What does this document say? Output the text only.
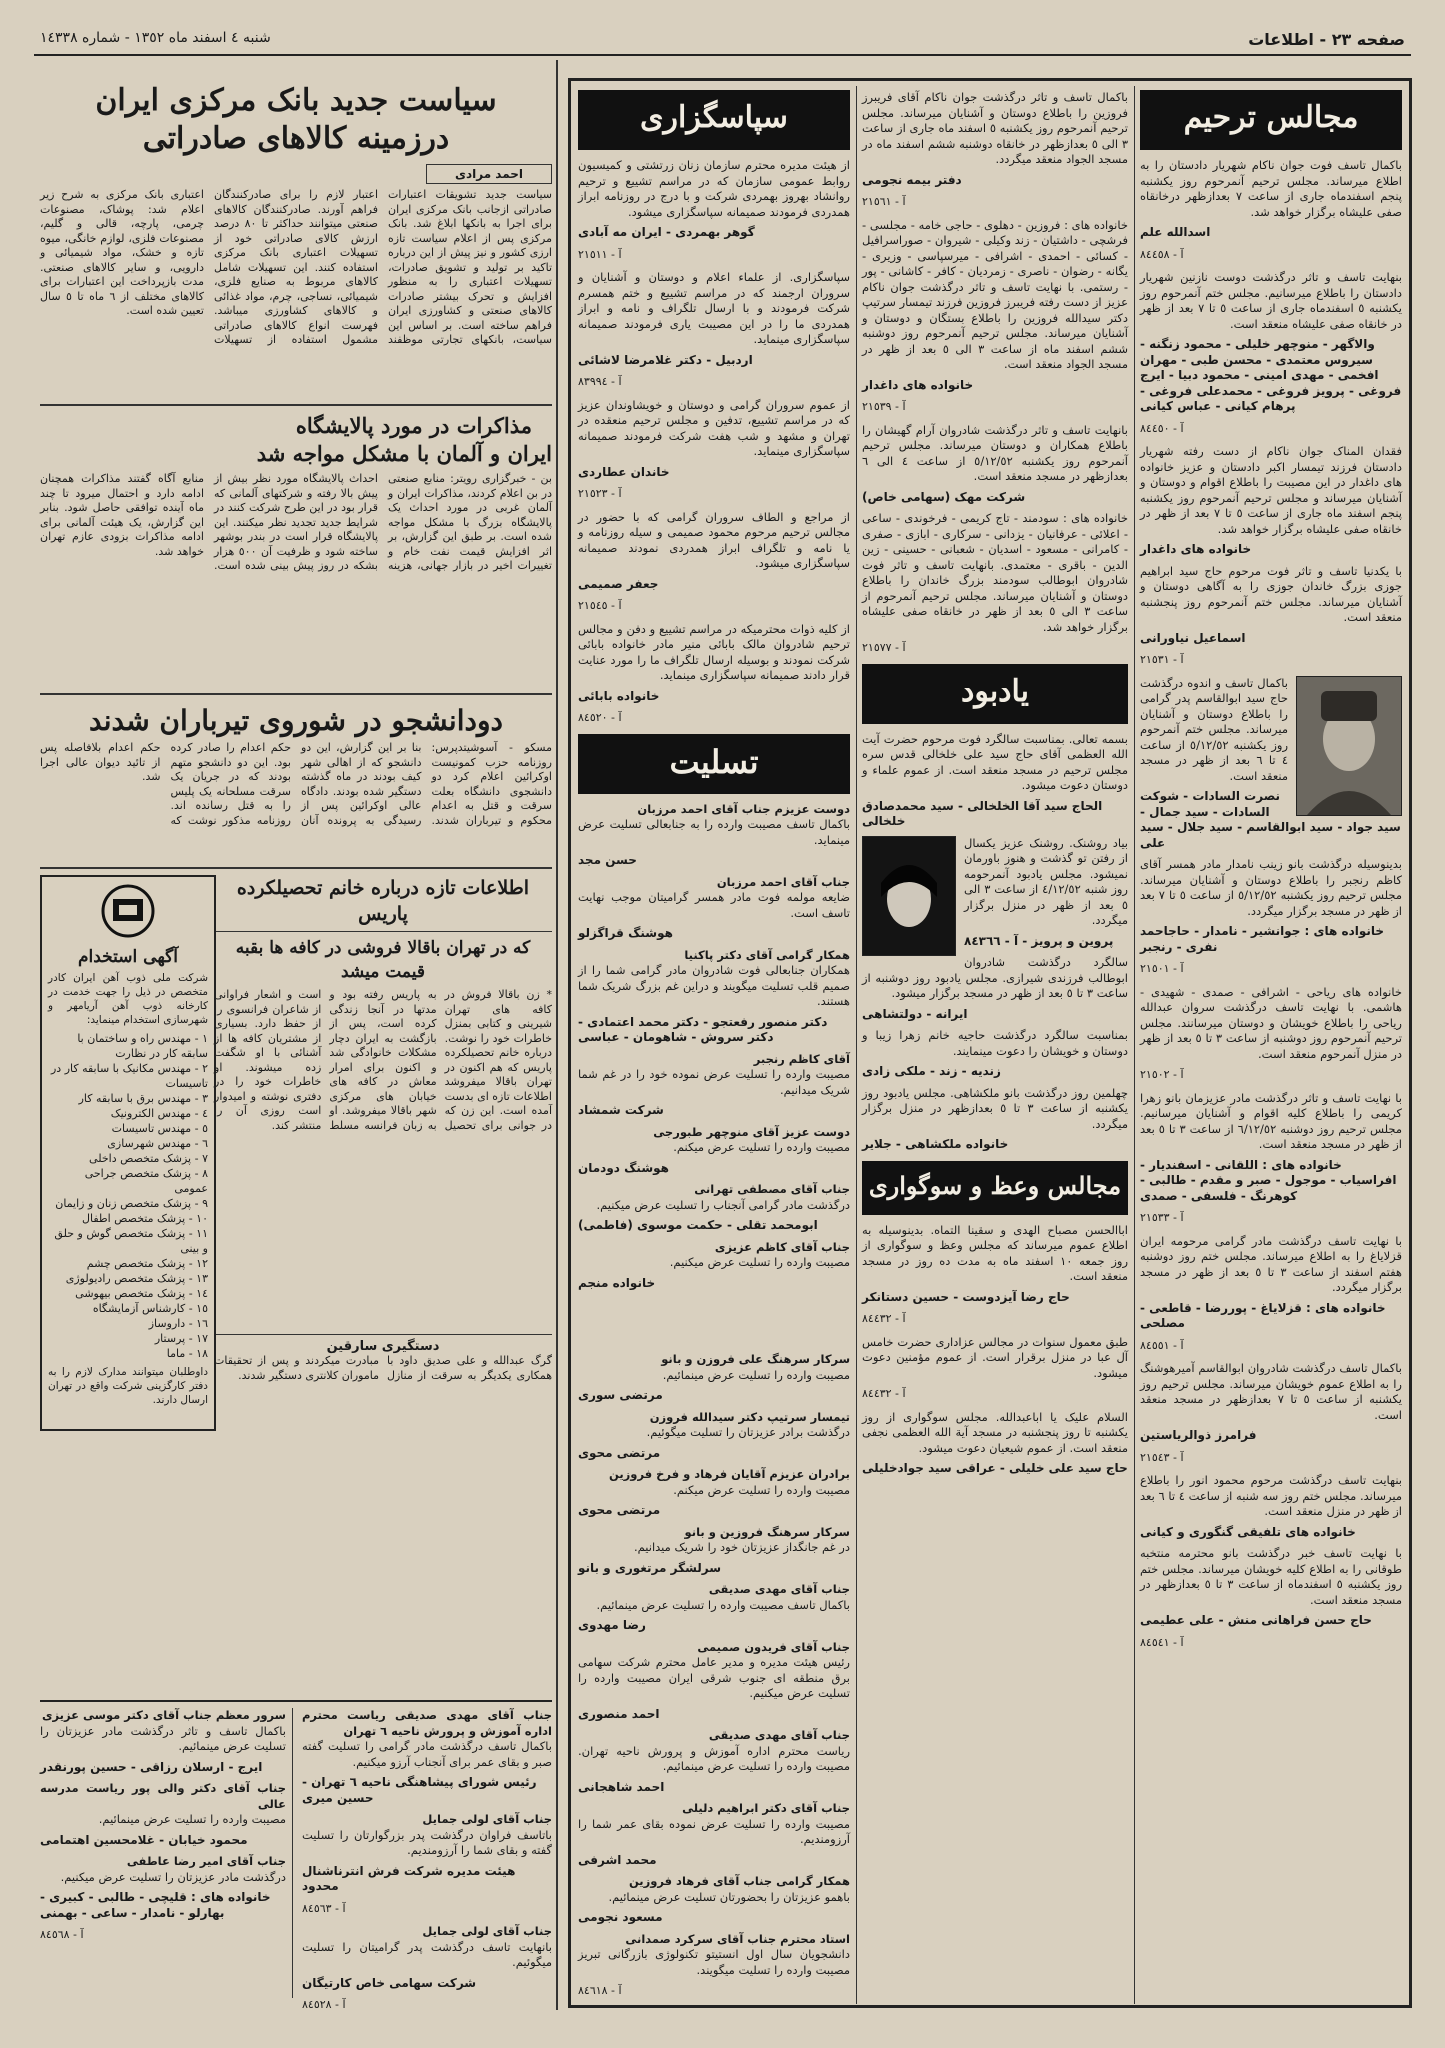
صفحه ٢٣ - اطلاعات
شنبه ٤ اسفند ماه ١٣٥٢ - شماره ١٤٣٣٨
مجالس ترحیم

باکمال تاسف فوت جوان ناکام شهریار دادستان را به اطلاع میرساند. مجلس ترحیم آنمرحوم روز یکشنبه پنجم اسفندماه جاری از ساعت ٧ بعدازظهر درخانقاه صفی علیشاه برگزار خواهد شد.

اسدالله علم
آ - ٨٤٤٥٨

بنهایت تاسف و تاثر درگذشت دوست نازنین شهریار دادستان را باطلاع میرسانیم. مجلس ختم آنمرحوم روز یکشنبه ٥ اسفندماه جاری از ساعت ٥ تا ٧ بعد از ظهر در خانقاه صفی علیشاه منعقد است.

والاگهر - منوچهر خلیلی - محمود زنگنه - سیروس معتمدی - محسن طبی - مهران افخمی - مهدی امینی - محمود دبیا - ایرج فروغی - پرویز فروغی - محمدعلی فروغی - پرهام کیانی - عباس کیانی
آ - ٨٤٤٥٠

فقدان المناک جوان ناکام از دست رفته شهریار دادستان فرزند تیمسار اکبر دادستان و عزیز خانواده های داغدار در این مصیبت را باطلاع اقوام و دوستان و آشنایان میرساند و مجلس ترحیم آنمرحوم روز یکشنبه پنجم اسفند ماه جاری از ساعت ٥ تا ٧ بعد از ظهر در خانقاه صفی علیشاه برگزار خواهد شد.

خانواده های داغدار

با یکدنیا تاسف و تاثر فوت مرحوم حاج سید ابراهیم جوزی بزرگ خاندان جوزی را به آگاهی دوستان و آشنایان میرساند. مجلس ختم آنمرحوم روز پنجشنبه منعقد است.

اسماعیل نیاورانی
آ - ٢١٥٣١

باکمال تاسف و اندوه درگذشت حاج سید ابوالقاسم پدر گرامی را باطلاع دوستان و آشنایان میرساند. مجلس ختم آنمرحوم روز یکشنبه ٥/١٢/٥٢ از ساعت ٤ تا ٦ بعد از ظهر در مسجد منعقد است.

نصرت السادات - شوکت السادات - سید جمال - سید جواد - سید ابوالقاسم - سید جلال - سید علی

بدینوسیله درگذشت بانو زینب نامدار مادر همسر آقای کاظم رنجبر را باطلاع دوستان و آشنایان میرساند. مجلس ترحیم روز یکشنبه ٥/١٢/٥٢ از ساعت ٥ تا ٧ بعد از ظهر در مسجد برگزار میگردد.

خانواده های : جوانشیر - نامدار - حاجاحمد نفری - رنجبر
آ - ٢١٥٠١

خانواده های ریاحی - اشرافی - صمدی - شهیدی - هاشمی. با نهایت تاسف درگذشت سروان عبدالله ریاحی را باطلاع خویشان و دوستان میرسانند. مجلس ترحیم آنمرحوم روز دوشنبه از ساعت ٣ تا ٥ بعد از ظهر در منزل آنمرحوم منعقد است.

آ - ٢١٥٠٢

با نهایت تاسف و تاثر درگذشت مادر عزیزمان بانو زهرا کریمی را باطلاع کلیه اقوام و آشنایان میرسانیم. مجلس ترحیم روز دوشنبه ٦/١٢/٥٢ از ساعت ٣ تا ٥ بعد از ظهر در مسجد منعقد است.

خانواده های : اللقانی - اسفندیار - افراسیاب - موجول - صبر و مقدم - طالبی - کوهرنگ - فلسفی - صمدی
آ - ٢١٥٣٣

با نهایت تاسف درگذشت مادر گرامی مرحومه ایران قزلایاغ را به اطلاع میرساند. مجلس ختم روز دوشنبه هفتم اسفند از ساعت ٣ تا ٥ بعد از ظهر در مسجد برگزار میگردد.

خانواده های : قزلایاغ - پوررضا - قاطعی - مصلحی
آ - ٨٤٥٥١

باکمال تاسف درگذشت شادروان ابوالقاسم آمیرهوشنگ را به اطلاع عموم خویشان میرساند. مجلس ترحیم روز یکشنبه از ساعت ٥ تا ٧ بعدازظهر در مسجد منعقد است.

فرامرز ذوالریاستین
آ - ٢١٥٤٣

بنهایت تاسف درگذشت مرحوم محمود انور را باطلاع میرساند. مجلس ختم روز سه شنبه از ساعت ٤ تا ٦ بعد از ظهر در منزل منعقد است.

خانواده های تلفیقی گنگوری و کیانی

با نهایت تاسف خبر درگذشت بانو محترمه منتخبه طوقانی را به اطلاع کلیه خویشان میرساند. مجلس ختم روز یکشنبه ٥ اسفندماه از ساعت ٣ تا ٥ بعدازظهر در مسجد منعقد است.

حاج حسن فراهانی منش - علی عطیمی
آ - ٨٤٥٤١

باکمال تاسف و تاثر درگذشت جوان ناکام آقای فریبرز فروزین را باطلاع دوستان و آشنایان میرساند. مجلس ترحیم آنمرحوم روز یکشنبه ٥ اسفند ماه جاری از ساعت ٣ الی ٥ بعدازظهر در خانقاه دوشنبه ششم اسفند ماه در مسجد الجواد منعقد میگردد.

دفتر بیمه نجومی
آ - ٢١٥٦١

خانواده های : فروزین - دهلوی - حاجی خامه - مجلسی - فرشچی - داشتیان - زند وکیلی - شیروان - صوراسرافیل - کسائی - احمدی - اشرافی - میرسپاسی - وزیری - یگانه - رضوان - ناصری - زمردیان - کافر - کاشانی - پور - رستمی. با نهایت تاسف و تاثر درگذشت جوان ناکام عزیز از دست رفته فریبرز فروزین فرزند تیمسار سرتیپ دکتر سیدالله فروزین را باطلاع بستگان و دوستان و آشنایان میرساند. مجلس ترحیم آنمرحوم روز دوشنبه ششم اسفند ماه از ساعت ٣ الی ٥ بعد از ظهر در مسجد الجواد منعقد است.

خانواده های داغدار
آ - ٢١٥٣٩

بانهایت تاسف و تاثر درگذشت شادروان آرام گهیشان را باطلاع همکاران و دوستان میرساند. مجلس ترحیم آنمرحوم روز یکشنبه ٥/١٢/٥٢ از ساعت ٤ الی ٦ بعدازظهر در مسجد منعقد است.

شرکت مهک (سهامی خاص)

خانواده های : سودمند - تاج کریمی - فرخوندی - ساعی - اعلائی - عرفانیان - یزدانی - سرکاری - ابازی - صفری - کامرانی - مسعود - اسدیان - شعبانی - حسینی - زین الدین - باقری - معتمدی. بانهایت تاسف و تاثر فوت شادروان ابوطالب سودمند بزرگ خاندان را باطلاع دوستان و آشنایان میرساند. مجلس ترحیم آنمرحوم از ساعت ٣ الی ٥ بعد از ظهر در خانقاه صفی علیشاه برگزار خواهد شد.

آ - ٢١٥٧٧
یادبود

بسمه تعالی. بمناسبت سالگرد فوت مرحوم حضرت آیت الله العظمی آقای حاج سید علی خلخالی قدس سره مجلس ترحیم در مسجد منعقد است. از عموم علماء و دوستان دعوت میشود.

الحاج سید آقا الخلخالی - سید محمدصادق خلخالی

بیاد روشنک. روشنک عزیز یکسال از رفتن تو گذشت و هنوز باورمان نمیشود. مجلس یادبود آنمرحومه روز شنبه ٤/١٢/٥٢ از ساعت ٣ الی ٥ بعد از ظهر در منزل برگزار میگردد.

پروین و پرویز - آ - ٨٤٣٦٦

سالگرد درگذشت شادروان ابوطالب فرزندی شیرازی. مجلس یادبود روز دوشنبه از ساعت ٣ تا ٥ بعد از ظهر در مسجد برگزار میشود.

ایرانه - دولتشاهی

بمناسبت سالگرد درگذشت حاجیه خانم زهرا زیبا و دوستان و خویشان را دعوت مینمایند.

زندیه - زند - ملکی زادی

چهلمین روز درگذشت بانو ملکشاهی. مجلس یادبود روز یکشنبه از ساعت ٣ تا ٥ بعدازظهر در منزل برگزار میگردد.

خانواده ملکشاهی - جلایر
مجالس وعظ و سوگواری

اباالحسن مصباح الهدی و سقینا التماه. بدینوسیله به اطلاع عموم میرساند که مجلس وعظ و سوگواری از روز جمعه ١٠ اسفند ماه به مدت ده روز در مسجد منعقد است.

حاج رضا آیزدوست - حسین دستانکر
آ - ٨٤٤٣٢

طبق معمول سنوات در مجالس عزاداری حضرت خامس آل عبا در منزل برقرار است. از عموم مؤمنین دعوت میشود.

آ - ٨٤٤٣٢

السلام علیک یا اباعبدالله. مجلس سوگواری از روز یکشنبه تا روز پنجشنبه در مسجد آیة الله العظمی نجفی منعقد است. از عموم شیعیان دعوت میشود.

حاج سید علی خلیلی - عراقی سید جوادخلیلی
سپاسگزاری

از هیئت مدیره محترم سازمان زنان زرتشتی و کمیسیون روابط عمومی سازمان که در مراسم تشییع و ترحیم روانشاد بهروز بهمردی شرکت و با درج در روزنامه ابراز همدردی فرمودند صمیمانه سپاسگزاری میشود.

گوهر بهمردی - ایران مه آبادی
آ - ٢١٥١١

سپاسگزاری. از علماء اعلام و دوستان و آشنایان و سروران ارجمند که در مراسم تشییع و ختم همسرم شرکت فرمودند و با ارسال تلگراف و نامه و ابراز همدردی ما را در این مصیبت یاری فرمودند صمیمانه سپاسگزاری مینماید.

اردبیل - دکتر غلامرضا لاشائی
آ - ٨٣٩٩٤

از عموم سروران گرامی و دوستان و خویشاوندان عزیز که در مراسم تشییع، تدفین و مجلس ترحیم منعقده در تهران و مشهد و شب هفت شرکت فرمودند صمیمانه سپاسگزاری مینماید.

خاندان عطاردی
آ - ٢١٥٢٣

از مراجع و الطاف سروران گرامی که با حضور در مجالس ترحیم مرحوم محمود صمیمی و سیله روزنامه و یا نامه و تلگراف ابراز همدردی نمودند صمیمانه سپاسگزاری میشود.

جعفر صمیمی
آ - ٢١٥٤٥

از کلیه ذوات محترمیکه در مراسم تشییع و دفن و مجالس ترحیم شادروان مالک بابائی منیر مادر خانواده بابائی شرکت نمودند و بوسیله ارسال تلگراف ما را مورد عنایت قرار دادند صمیمانه سپاسگزاری مینماید.

خانواده بابائی
آ - ٨٤٥٢٠
تسلیت
دوست عزیزم جناب آقای احمد مرزبان

باکمال تاسف مصیبت وارده را به جنابعالی تسلیت عرض مینماید.

حسن مجد
جناب آقای احمد مرزبان

ضایعه مولمه فوت مادر همسر گرامیتان موجب نهایت تاسف است.

هوشنگ قراگزلو
همکار گرامی آقای دکتر پاکنیا

همکاران جنابعالی فوت شادروان مادر گرامی شما را از صمیم قلب تسلیت میگویند و دراین غم بزرگ شریک شما هستند.

دکتر منصور رفعتجو - دکتر محمد اعتمادی - دکتر سروش - شاهومان - عباسی
آقای کاظم رنجبر

مصیبت وارده را تسلیت عرض نموده خود را در غم شما شریک میدانیم.

شرکت شمشاد
دوست عزیز آقای منوچهر طبورجی

مصیبت وارده را تسلیت عرض میکنم.

هوشنگ دودمان
جناب آقای مصطفی تهرانی

درگذشت مادر گرامی آنجناب را تسلیت عرض میکنیم.

ابومحمد تقلی - حکمت موسوی (فاطمی)
جناب آقای کاظم عزیزی

مصیبت وارده را تسلیت عرض میکنیم.

خانواده منجم
سرکار سرهنگ علی فروزن و بانو

مصیبت وارده را تسلیت عرض مینمائیم.

مرتضی سوری
تیمسار سرتیپ دکتر سیدالله فروزن

درگذشت برادر عزیزتان را تسلیت میگوئیم.

مرتضی محوی
برادران عزیزم آقایان فرهاد و فرخ فروزین

مصیبت وارده را تسلیت عرض میکنم.

مرتضی محوی
سرکار سرهنگ فروزین و بانو

در غم جانگداز عزیزتان خود را شریک میدانیم.

سرلشگر مرتغوری و بانو
جناب آقای مهدی صدیقی

باکمال تاسف مصیبت وارده را تسلیت عرض مینمائیم.

رضا مهدوی
جناب آقای فریدون صمیمی

رئیس هیئت مدیره و مدیر عامل محترم شرکت سهامی برق منطقه ای جنوب شرقی ایران مصیبت وارده را تسلیت عرض میکنیم.

احمد منصوری
جناب آقای مهدی صدیقی

ریاست محترم اداره آموزش و پرورش ناحیه تهران. مصیبت وارده را تسلیت عرض مینمائیم.

احمد شاهجانی
جناب آقای دکتر ابراهیم دلیلی

مصیبت وارده را تسلیت عرض نموده بقای عمر شما را آرزومندیم.

محمد اشرفی
همکار گرامی جناب آقای فرهاد فروزین

باهمو عزیزتان را بحضورتان تسلیت عرض مینمائیم.

مسعود نجومی
استاد محترم جناب آقای سرکرد صمدانی

دانشجویان سال اول انستیتو تکنولوژی بازرگانی تبریز مصیبت وارده را تسلیت میگویند.

آ - ٨٤٦١٨
سیاست جدید بانک مرکزی ایران
درزمینه کالاهای صادراتی
احمد مرادی
سیاست جدید تشویقات اعتبارات صادراتی ازجانب بانک مرکزی ایران برای اجرا به بانکها ابلاغ شد. بانک مرکزی پس از اعلام سیاست تازه ارزی کشور و نیز پیش از این درباره تاکید بر تولید و تشویق صادرات، تسهیلات اعتباری را به منظور افزایش و تحرک بیشتر صادرات کالاهای صنعتی و کشاورزی ایران فراهم ساخته است. بر اساس این سیاست، بانکهای تجارتی موظفند اعتبار لازم را برای صادرکنندگان فراهم آورند. صادرکنندگان کالاهای صنعتی میتوانند حداکثر تا ٨٠ درصد ارزش کالای صادراتی خود از تسهیلات اعتباری بانک مرکزی استفاده کنند. این تسهیلات شامل کالاهای مربوط به صنایع فلزی، شیمیائی، نساجی، چرم، مواد غذائی و کالاهای کشاورزی میباشد. فهرست انواع کالاهای صادراتی مشمول استفاده از تسهیلات اعتباری بانک مرکزی به شرح زیر اعلام شد: پوشاک، مصنوعات چرمی، پارچه، قالی و گلیم، مصنوعات فلزی، لوازم خانگی، میوه تازه و خشک، مواد شیمیائی و دارویی، و سایر کالاهای صنعتی. مدت بازپرداخت این اعتبارات برای کالاهای مختلف از ٦ ماه تا ٥ سال تعیین شده است.
مذاکرات در مورد پالایشگاه
ایران و آلمان با مشکل مواجه شد
بن - خبرگزاری رویتر: منابع صنعتی در بن اعلام کردند، مذاکرات ایران و آلمان غربی در مورد احداث یک پالایشگاه بزرگ با مشکل مواجه شده است. بر طبق این گزارش، بر اثر افزایش قیمت نفت خام و تغییرات اخیر در بازار جهانی، هزینه احداث پالایشگاه مورد نظر بیش از پیش بالا رفته و شرکتهای آلمانی که قرار بود در این طرح شرکت کنند در شرایط جدید تجدید نظر میکنند. این پالایشگاه قرار است در بندر بوشهر ساخته شود و ظرفیت آن ٥٠٠ هزار بشکه در روز پیش بینی شده است. منابع آگاه گفتند مذاکرات همچنان ادامه دارد و احتمال میرود تا چند ماه آینده توافقی حاصل شود. بنابر این گزارش، یک هیئت آلمانی برای ادامه مذاکرات بزودی عازم تهران خواهد شد.
دودانشجو در شوروی تیرباران شدند
مسکو - آسوشیتدپرس: روزنامه حزب کمونیست اوکرائین اعلام کرد دو دانشجوی دانشگاه بعلت سرقت و قتل به اعدام محکوم و تیرباران شدند. بنا بر این گزارش، این دو دانشجو که از اهالی شهر کیف بودند در ماه گذشته دستگیر شده بودند. دادگاه عالی اوکرائین پس از رسیدگی به پرونده آنان حکم اعدام را صادر کرده بود. این دو دانشجو متهم بودند که در جریان یک سرقت مسلحانه یک پلیس را به قتل رسانده اند. روزنامه مذکور نوشت که حکم اعدام بلافاصله پس از تائید دیوان عالی اجرا شد.
اطلاعات تازه درباره خانم تحصیلکرده پاریس
که در تهران باقالا فروشی در کافه ها بقبه قیمت میشد
* زن باقالا فروش در کافه های تهران شیرینی و کتابی بمنزل خاطرات خود را نوشت. درباره خانم تحصیلکرده پاریس که هم اکنون در تهران باقالا میفروشد اطلاعات تازه ای بدست آمده است. این زن که در جوانی برای تحصیل به پاریس رفته بود و مدتها در آنجا زندگی کرده است، پس از بازگشت به ایران دچار مشکلات خانوادگی شد و اکنون برای امرار معاش در کافه های خیابان های مرکزی شهر باقالا میفروشد. او به زبان فرانسه مسلط است و اشعار فراوانی از شاعران فرانسوی را از حفظ دارد. بسیاری از مشتریان کافه ها از آشنائی با او شگفت زده میشوند. او خاطرات خود را در دفتری نوشته و امیدوار است روزی آن را منتشر کند.
دستگیری سارقین
گرگ عبدالله و علی صدیق داود با همکاری یکدیگر به سرقت از منازل مبادرت میکردند و پس از تحقیقات ماموران کلانتری دستگیر شدند.
آگهی استخدام
شرکت ملی ذوب آهن ایران کادر متخصص در ذیل را جهت خدمت در کارخانه ذوب آهن آریامهر و شهرسازی استخدام مینماید:
١ - مهندس راه و ساختمان با سابقه کار در نظارت
٢ - مهندس مکانیک با سابقه کار در تاسیسات
٣ - مهندس برق با سابقه کار
٤ - مهندس الکترونیک
٥ - مهندس تاسیسات
٦ - مهندس شهرسازی
٧ - پزشک متخصص داخلی
٨ - پزشک متخصص جراحی عمومی
٩ - پزشک متخصص زنان و زایمان
١٠ - پزشک متخصص اطفال
١١ - پزشک متخصص گوش و حلق و بینی
١٢ - پزشک متخصص چشم
١٣ - پزشک متخصص رادیولوژی
١٤ - پزشک متخصص بیهوشی
١٥ - کارشناس آزمایشگاه
١٦ - داروساز
١٧ - پرستار
١٨ - ماما
داوطلبان میتوانند مدارک لازم را به دفتر کارگزینی شرکت واقع در تهران ارسال دارند.
جناب آقای مهدی صدیقی ریاست محترم اداره آموزش و پرورش ناحیه ٦ تهران

باکمال تاسف درگذشت مادر گرامی را تسلیت گفته صبر و بقای عمر برای آنجناب آرزو میکنیم.

رئیس شورای پیشاهنگی ناحیه ٦ تهران - حسین میری
جناب آقای لولی جمایل

باتاسف فراوان درگذشت پدر بزرگوارتان را تسلیت گفته و بقای شما را آرزومندیم.

هیئت مدیره شرکت فرش انترناشنال محدود
آ - ٨٤٥٦٣
جناب آقای لولی جمایل

بانهایت تاسف درگذشت پدر گرامیتان را تسلیت میگوئیم.

شرکت سهامی خاص کارتیگان
آ - ٨٤٥٢٨
سرور معظم جناب آقای دکتر موسی عزیزی

باکمال تاسف و تاثر درگذشت مادر عزیزتان را تسلیت عرض مینمائیم.

ایرج - ارسلان رزاقی - حسین پورنقدر
جناب آقای دکتر والی پور ریاست مدرسه عالی

مصیبت وارده را تسلیت عرض مینمائیم.

محمود خیابان - غلامحسین اهتمامی
جناب آقای امیر رضا عاطفی

درگذشت مادر عزیزتان را تسلیت عرض میکنیم.

خانواده های : قلیچی - طالبی - کبیری - بهارلو - نامدار - ساعی - بهمنی
آ - ٨٤٥٦٨
